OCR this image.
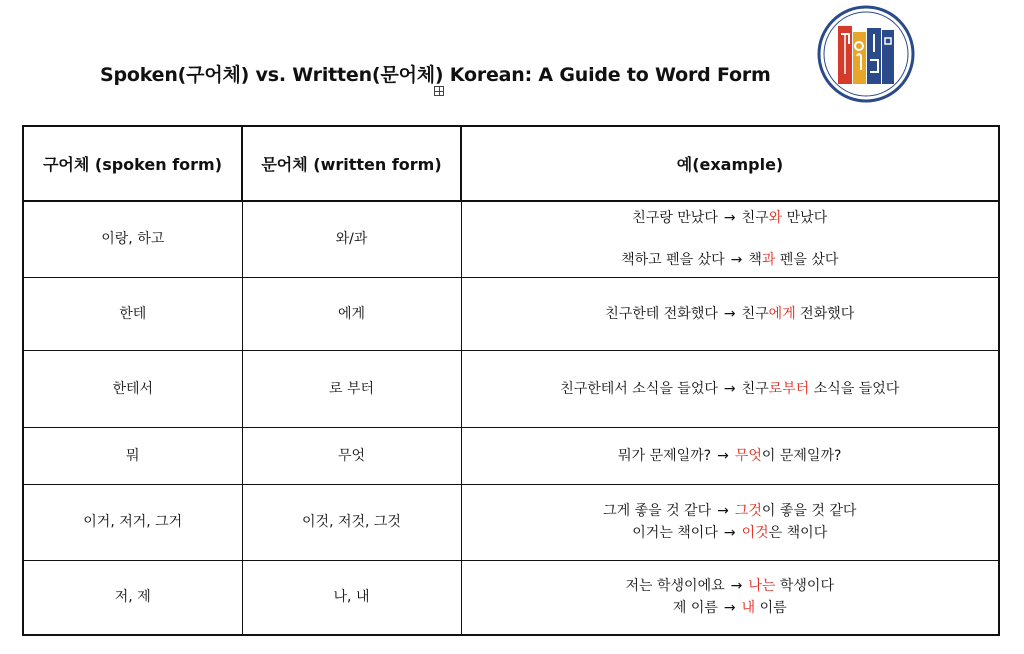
Spoken(구어체) vs. Written(문어체) Korean: A Guide to Word Form
구어체 (spoken form)	문어체 (written form)	예(example)
이랑, 하고	와/과	친구랑 만났다 → 친구와 만났다
책하고 펜을 샀다 → 책과 펜을 샀다

한테	에게	친구한테 전화했다 → 친구에게 전화했다

한테서	로 부터	친구한테서 소식을 들었다 → 친구로부터 소식을 들었다

뭐	무엇	뭐가 문제일까? → 무엇이 문제일까?

이거, 저거, 그거	이것, 저것, 그것	그게 좋을 것 같다 → 그것이 좋을 것 같다
이거는 책이다 → 이것은 책이다

저, 제	나, 내	저는 학생이에요 → 나는 학생이다
제 이름 → 내 이름
